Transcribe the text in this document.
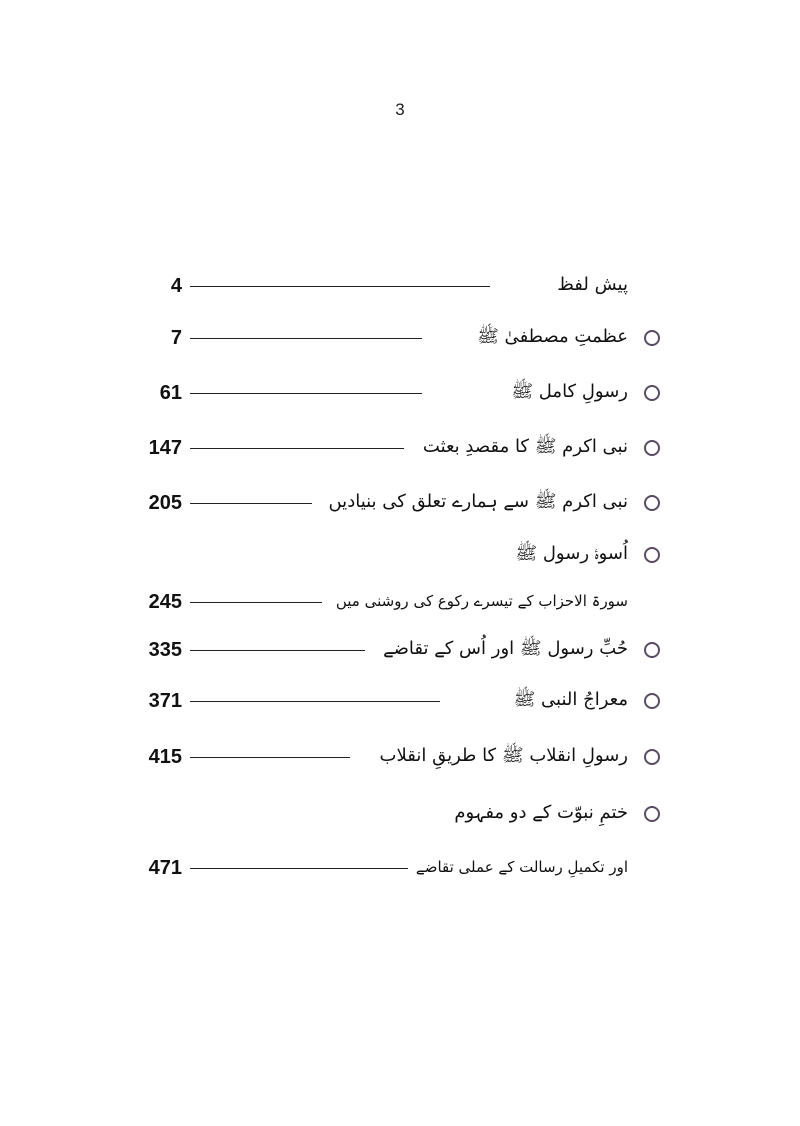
3
4	پیش لفظ
7	عظمتِ مصطفیٰ ﷺ
61	رسولِ کامل ﷺ
147	نبی اکرم ﷺ کا مقصدِ بعثت
205	نبی اکرم ﷺ سے ہمارے تعلق کی بنیادیں
اُسوۂ رسول ﷺ
245	سورۃ الاحزاب کے تیسرے رکوع کی روشنی میں
335	حُبِّ رسول ﷺ اور اُس کے تقاضے
371	معراجُ النبی ﷺ
415	رسولِ انقلاب ﷺ کا طریقِ انقلاب
ختمِ نبوّت کے دو مفہوم
471	اور تکمیلِ رسالت کے عملی تقاضے
